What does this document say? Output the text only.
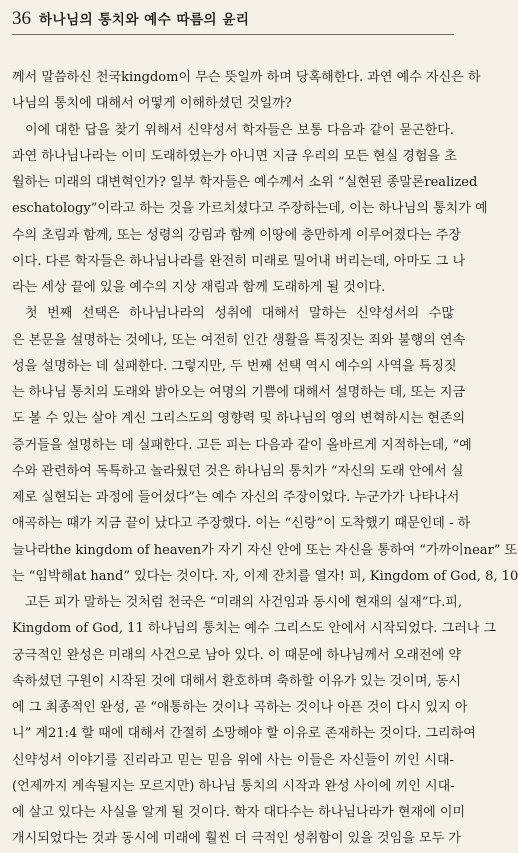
36 하나님의 통치와 예수 따름의 윤리
께서 말씀하신 천국kingdom이 무슨 뜻일까 하며 당혹해한다. 과연 예수 자신은 하
나님의 통치에 대해서 어떻게 이해하셨던 것일까?
이에 대한 답을 찾기 위해서 신약성서 학자들은 보통 다음과 같이 묻곤한다.
과연 하나님나라는 이미 도래하였는가 아니면 지금 우리의 모든 현실 경험을 초
월하는 미래의 대변혁인가? 일부 학자들은 예수께서 소위 “실현된 종말론realized
eschatology”이라고 하는 것을 가르치셨다고 주장하는데, 이는 하나님의 통치가 예
수의 초림과 함께, 또는 성령의 강림과 함께 이땅에 충만하게 이루어졌다는 주장
이다. 다른 학자들은 하나님나라를 완전히 미래로 밀어내 버리는데, 아마도 그 나
라는 세상 끝에 있을 예수의 지상 재림과 함께 도래하게 될 것이다.
첫 번째 선택은 하나님나라의 성취에 대해서 말하는 신약성서의 수많
은 본문을 설명하는 것에나, 또는 여전히 인간 생활을 특징짓는 죄와 불행의 연속
성을 설명하는 데 실패한다. 그렇지만, 두 번째 선택 역시 예수의 사역을 특징짓
는 하나님 통치의 도래와 밝아오는 여명의 기쁨에 대해서 설명하는 데, 또는 지금
도 볼 수 있는 살아 계신 그리스도의 영향력 및 하나님의 영의 변혁하시는 현존의
증거들을 설명하는 데 실패한다. 고든 피는 다음과 같이 올바르게 지적하는데, “예
수와 관련하여 독특하고 놀라웠던 것은 하나님의 통치가 “자신의 도래 안에서 실
제로 실현되는 과정에 들어섰다”는 예수 자신의 주장이었다. 누군가가 나타나서
애곡하는 때가 지금 끝이 났다고 주장했다. 이는 “신랑”이 도착했기 때문인데 - 하
늘나라the kingdom of heaven가 자기 자신 안에 또는 자신을 통하여 “가까이near” 또
는 “임박해at hand” 있다는 것이다. 자, 이제 잔치를 열자! 피, Kingdom of God, 8, 10
고든 피가 말하는 것처럼 천국은 “미래의 사건임과 동시에 현재의 실재”다.피,
Kingdom of God, 11 하나님의 통치는 예수 그리스도 안에서 시작되었다. 그러나 그
궁극적인 완성은 미래의 사건으로 남아 있다. 이 때문에 하나님께서 오래전에 약
속하셨던 구원이 시작된 것에 대해서 환호하며 축하할 이유가 있는 것이며, 동시
에 그 최종적인 완성, 곧 “애통하는 것이나 곡하는 것이나 아픈 것이 다시 있지 아
니” 계21:4 할 때에 대해서 간절히 소망해야 할 이유로 존재하는 것이다. 그리하여
신약성서 이야기를 진리라고 믿는 믿음 위에 사는 이들은 자신들이 끼인 시대-
(언제까지 계속될지는 모르지만) 하나님 통치의 시작과 완성 사이에 끼인 시대-
에 살고 있다는 사실을 알게 될 것이다. 학자 대다수는 하나님나라가 현재에 이미
개시되었다는 것과 동시에 미래에 훨씬 더 극적인 성취함이 있을 것임을 모두 가
